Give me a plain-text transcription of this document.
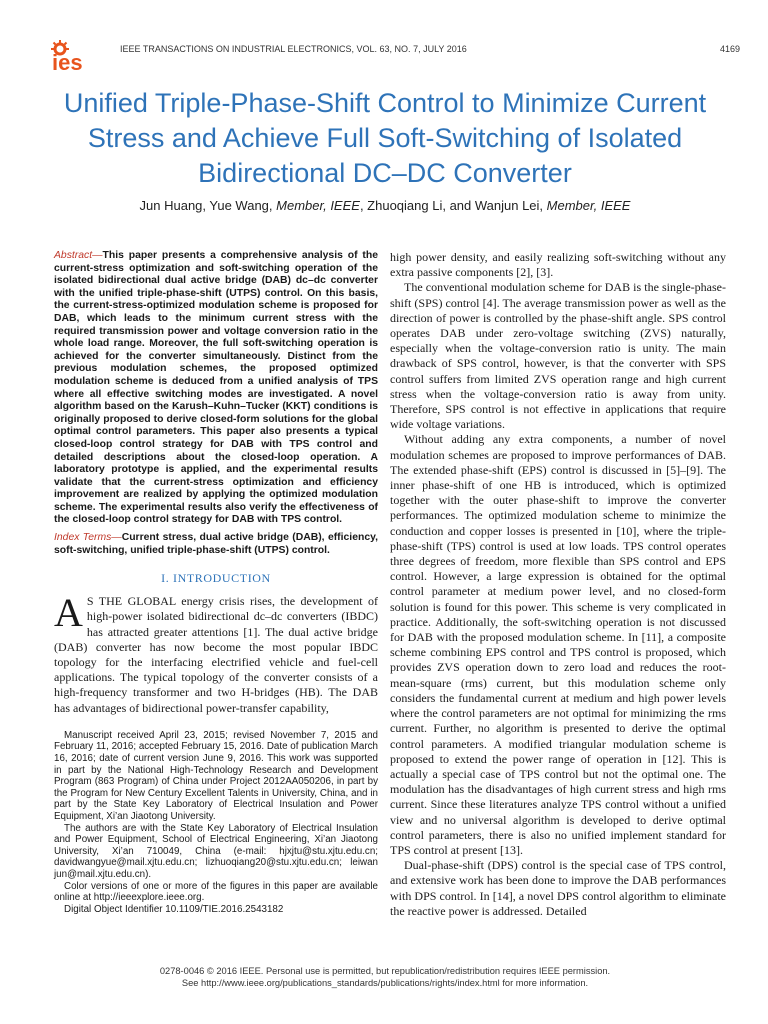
ies
IEEE TRANSACTIONS ON INDUSTRIAL ELECTRONICS, VOL. 63, NO. 7, JULY 2016	4169
Unified Triple-Phase-Shift Control to Minimize Current Stress and Achieve Full Soft-Switching of Isolated Bidirectional DC–DC Converter
Jun Huang, Yue Wang, Member, IEEE, Zhuoqiang Li, and Wanjun Lei, Member, IEEE

Abstract—This paper presents a comprehensive analysis of the current-stress optimization and soft-switching operation of the isolated bidirectional dual active bridge (DAB) dc–dc converter with the unified triple-phase-shift (UTPS) control. On this basis, the current-stress-optimized modulation scheme is proposed for DAB, which leads to the minimum current stress with the required transmission power and voltage conversion ratio in the whole load range. Moreover, the full soft-switching operation is achieved for the converter simultaneously. Distinct from the previous modulation schemes, the proposed optimized modulation scheme is deduced from a unified analysis of TPS where all effective switching modes are investigated. A novel algorithm based on the Karush–Kuhn–Tucker (KKT) conditions is originally proposed to derive closed-form solutions for the global optimal control parameters. This paper also presents a typical closed-loop control strategy for DAB with TPS control and detailed descriptions about the closed-loop operation. A laboratory prototype is applied, and the experimental results validate that the current-stress optimization and efficiency improvement are realized by applying the optimized modulation scheme. The experimental results also verify the effectiveness of the closed-loop control strategy for DAB with TPS control.

Index Terms—Current stress, dual active bridge (DAB), efficiency, soft-switching, unified triple-phase-shift (UTPS) control.

I. INTRODUCTION

A S THE GLOBAL energy crisis rises, the development of high-power isolated bidirectional dc–dc converters (IBDC) has attracted greater attentions [1]. The dual active bridge (DAB) converter has now become the most popular IBDC topology for the interfacing electrified vehicle and fuel-cell applications. The typical topology of the converter consists of a high-frequency transformer and two H-bridges (HB). The DAB has advantages of bidirectional power-transfer capability,

Manuscript received April 23, 2015; revised November 7, 2015 and February 11, 2016; accepted February 15, 2016. Date of publication March 16, 2016; date of current version June 9, 2016. This work was supported in part by the National High-Technology Research and Development Program (863 Program) of China under Project 2012AA050206, in part by the Program for New Century Excellent Talents in University, China, and in part by the State Key Laboratory of Electrical Insulation and Power Equipment, Xi’an Jiaotong University.

The authors are with the State Key Laboratory of Electrical Insulation and Power Equipment, School of Electrical Engineering, Xi’an Jiaotong University, Xi’an 710049, China (e-mail: hjxjtu@stu.xjtu.edu.cn; davidwangyue@mail.xjtu.edu.cn; lizhuoqiang20@stu.xjtu.edu.cn; leiwan jun@mail.xjtu.edu.cn).

Color versions of one or more of the figures in this paper are available online at http://ieeexplore.ieee.org.

Digital Object Identifier 10.1109/TIE.2016.2543182

high power density, and easily realizing soft-switching without any extra passive components [2], [3].

The conventional modulation scheme for DAB is the single-phase-shift (SPS) control [4]. The average transmission power as well as the direction of power is controlled by the phase-shift angle. SPS control operates DAB under zero-voltage switching (ZVS) naturally, especially when the voltage-conversion ratio is unity. The main drawback of SPS control, however, is that the converter with SPS control suffers from limited ZVS operation range and high current stress when the voltage-conversion ratio is away from unity. Therefore, SPS control is not effective in applications that require wide voltage variations.

Without adding any extra components, a number of novel modulation schemes are proposed to improve performances of DAB. The extended phase-shift (EPS) control is discussed in [5]–[9]. The inner phase-shift of one HB is introduced, which is optimized together with the outer phase-shift to improve the converter performances. The optimized modulation scheme to minimize the conduction and copper losses is presented in [10], where the triple-phase-shift (TPS) control is used at low loads. TPS control operates three degrees of freedom, more flexible than SPS control and EPS control. However, a large expression is obtained for the optimal control parameter at medium power level, and no closed-form solution is found for this power. This scheme is very complicated in practice. Additionally, the soft-switching operation is not discussed for DAB with the proposed modulation scheme. In [11], a composite scheme combining EPS control and TPS control is proposed, which provides ZVS operation down to zero load and reduces the root-mean-square (rms) current, but this modulation scheme only considers the fundamental current at medium and high power levels where the control parameters are not optimal for minimizing the rms current. Further, no algorithm is presented to derive the optimal control parameters. A modified triangular modulation scheme is proposed to extend the power range of operation in [12]. This is actually a special case of TPS control but not the optimal one. The modulation has the disadvantages of high current stress and high rms current. Since these literatures analyze TPS control without a unified view and no universal algorithm is developed to derive optimal control parameters, there is also no unified implement standard for TPS control at present [13].

Dual-phase-shift (DPS) control is the special case of TPS control, and extensive work has been done to improve the DAB performances with DPS control. In [14], a novel DPS control algorithm to eliminate the reactive power is addressed. Detailed

0278-0046 © 2016 IEEE. Personal use is permitted, but republication/redistribution requires IEEE permission.
See http://www.ieee.org/publications_standards/publications/rights/index.html for more information.
